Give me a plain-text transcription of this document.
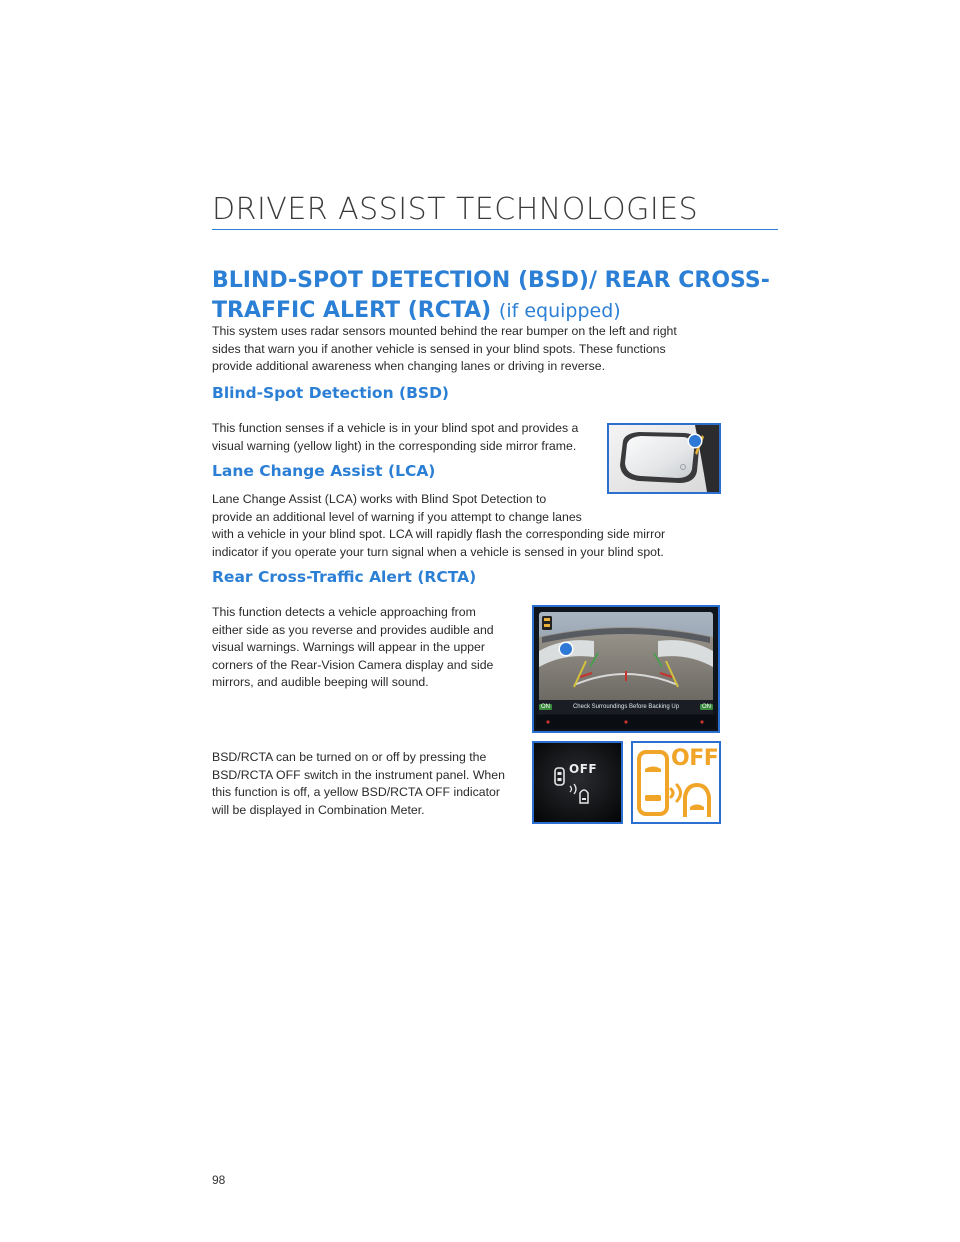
DRIVER ASSIST TECHNOLOGIES
BLIND-SPOT DETECTION (BSD)/ REAR CROSS-
TRAFFIC ALERT (RCTA) (if equipped)

This system uses radar sensors mounted behind the rear bumper on the left and right
sides that warn you if another vehicle is sensed in your blind spots. These functions
provide additional awareness when changing lanes or driving in reverse.

Blind-Spot Detection (BSD)

This function senses if a vehicle is in your blind spot and provides a
visual warning (yellow light) in the corresponding side mirror frame.

Lane Change Assist (LCA)

Lane Change Assist (LCA) works with Blind Spot Detection to
provide an additional level of warning if you attempt to change lanes
with a vehicle in your blind spot. LCA will rapidly flash the corresponding side mirror
indicator if you operate your turn signal when a vehicle is sensed in your blind spot.

Rear Cross-Traffic Alert (RCTA)

This function detects a vehicle approaching from
either side as you reverse and provides audible and
visual warnings. Warnings will appear in the upper
corners of the Rear-Vision Camera display and side
mirrors, and audible beeping will sound.

BSD/RCTA can be turned on or off by pressing the
BSD/RCTA OFF switch in the instrument panel. When
this function is off, a yellow BSD/RCTA OFF indicator
will be displayed in Combination Meter.

ON	Check Surroundings Before Backing Up	ON
OFF	OFF
98
